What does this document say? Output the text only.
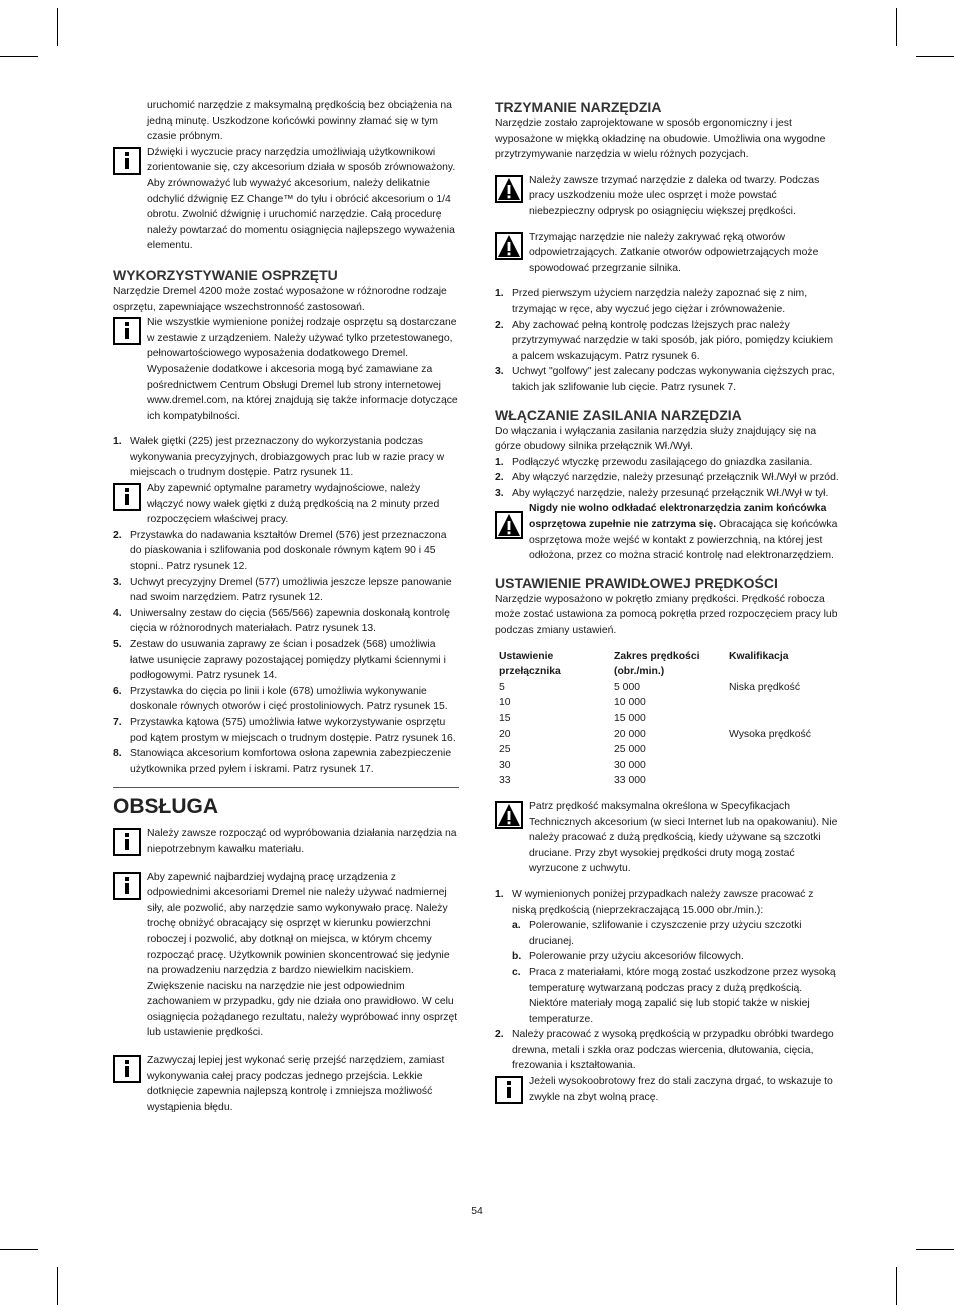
uruchomić narzędzie z maksymalną prędkością bez obciążenia na jedną minutę. Uszkodzone końcówki powinny złamać się w tym czasie próbnym.

Dźwięki i wyczucie pracy narzędzia umożliwiają użytkownikowi zorientowanie się, czy akcesorium działa w sposób zrównoważony. Aby zrównoważyć lub wyważyć akcesorium, należy delikatnie odchylić dźwignię EZ Change™ do tyłu i obrócić akcesorium o 1/4 obrotu. Zwolnić dźwignię i uruchomić narzędzie. Całą procedurę należy powtarzać do momentu osiągnięcia najlepszego wyważenia elementu.

WYKORZYSTYWANIE OSPRZĘTU

Narzędzie Dremel 4200 może zostać wyposażone w różnorodne rodzaje osprzętu, zapewniające wszechstronność zastosowań.

Nie wszystkie wymienione poniżej rodzaje osprzętu są dostarczane w zestawie z urządzeniem. Należy używać tylko przetestowanego, pełnowartościowego wyposażenia dodatkowego Dremel. Wyposażenie dodatkowe i akcesoria mogą być zamawiane za pośrednictwem Centrum Obsługi Dremel lub strony internetowej www.dremel.com, na której znajdują się także informacje dotyczące ich kompatybilności.

1. Wałek giętki (225) jest przeznaczony do wykorzystania podczas wykonywania precyzyjnych, drobiazgowych prac lub w razie pracy w miejscach o trudnym dostępie. Patrz rysunek 11.

Aby zapewnić optymalne parametry wydajnościowe, należy włączyć nowy wałek giętki z dużą prędkością na 2 minuty przed rozpoczęciem właściwej pracy.

2. Przystawka do nadawania kształtów Dremel (576) jest przeznaczona do piaskowania i szlifowania pod doskonale równym kątem 90 i 45 stopni.. Patrz rysunek 12.
3. Uchwyt precyzyjny Dremel (577) umożliwia jeszcze lepsze panowanie nad swoim narzędziem. Patrz rysunek 12.
4. Uniwersalny zestaw do cięcia (565/566) zapewnia doskonałą kontrolę cięcia w różnorodnych materiałach. Patrz rysunek 13.
5. Zestaw do usuwania zaprawy ze ścian i posadzek (568) umożliwia łatwe usunięcie zaprawy pozostającej pomiędzy płytkami ściennymi i podłogowymi. Patrz rysunek 14.
6. Przystawka do cięcia po linii i kole (678) umożliwia wykonywanie doskonale równych otworów i cięć prostoliniowych. Patrz rysunek 15.
7. Przystawka kątowa (575) umożliwia łatwe wykorzystywanie osprzętu pod kątem prostym w miejscach o trudnym dostępie. Patrz rysunek 16.
8. Stanowiąca akcesorium komfortowa osłona zapewnia zabezpieczenie użytkownika przed pyłem i iskrami. Patrz rysunek 17.
OBSŁUGA

Należy zawsze rozpocząć od wypróbowania działania narzędzia na niepotrzebnym kawałku materiału.

Aby zapewnić najbardziej wydajną pracę urządzenia z odpowiednimi akcesoriami Dremel nie należy używać nadmiernej siły, ale pozwolić, aby narzędzie samo wykonywało pracę. Należy trochę obniżyć obracający się osprzęt w kierunku powierzchni roboczej i pozwolić, aby dotknął on miejsca, w którym chcemy rozpocząć pracę. Użytkownik powinien skoncentrować się jedynie na prowadzeniu narzędzia z bardzo niewielkim naciskiem. Zwiększenie nacisku na narzędzie nie jest odpowiednim zachowaniem w przypadku, gdy nie działa ono prawidłowo. W celu osiągnięcia pożądanego rezultatu, należy wypróbować inny osprzęt lub ustawienie prędkości.

Zazwyczaj lepiej jest wykonać serię przejść narzędziem, zamiast wykonywania całej pracy podczas jednego przejścia. Lekkie dotknięcie zapewnia najlepszą kontrolę i zmniejsza możliwość wystąpienia błędu.

TRZYMANIE NARZĘDZIA

Narzędzie zostało zaprojektowane w sposób ergonomiczny i jest wyposażone w miękką okładzinę na obudowie. Umożliwia ona wygodne przytrzymywanie narzędzia w wielu różnych pozycjach.

Należy zawsze trzymać narzędzie z daleka od twarzy. Podczas pracy uszkodzeniu może ulec osprzęt i może powstać niebezpieczny odprysk po osiągnięciu większej prędkości.

Trzymając narzędzie nie należy zakrywać ręką otworów odpowietrzających. Zatkanie otworów odpowietrzających może spowodować przegrzanie silnika.

1. Przed pierwszym użyciem narzędzia należy zapoznać się z nim, trzymając w ręce, aby wyczuć jego ciężar i zrównoważenie.
2. Aby zachować pełną kontrolę podczas lżejszych prac należy przytrzymywać narzędzie w taki sposób, jak pióro, pomiędzy kciukiem a palcem wskazującym. Patrz rysunek 6.
3. Uchwyt "golfowy" jest zalecany podczas wykonywania cięższych prac, takich jak szlifowanie lub cięcie. Patrz rysunek 7.
WŁĄCZANIE ZASILANIA NARZĘDZIA

Do włączania i wyłączania zasilania narzędzia służy znajdujący się na górze obudowy silnika przełącznik Wł./Wył.

1. Podłączyć wtyczkę przewodu zasilającego do gniazdka zasilania.
2. Aby włączyć narzędzie, należy przesunąć przełącznik Wł./Wył w przód.
3. Aby wyłączyć narzędzie, należy przesunąć przełącznik Wł./Wył w tył.

Nigdy nie wolno odkładać elektronarzędzia zanim końcówka osprzętowa zupełnie nie zatrzyma się. Obracająca się końcówka osprzętowa może wejść w kontakt z powierzchnią, na której jest odłożona, przez co można stracić kontrolę nad elektronarzędziem.

USTAWIENIE PRAWIDŁOWEJ PRĘDKOŚCI

Narzędzie wyposażono w pokrętło zmiany prędkości. Prędkość robocza może zostać ustawiona za pomocą pokrętła przed rozpoczęciem pracy lub podczas zmiany ustawień.

Ustawienie przełącznika	Zakres prędkości (obr./min.)	Kwalifikacja
5	5 000	Niska prędkość
10	10 000	
15	15 000	
20	20 000	Wysoka prędkość
25	25 000	
30	30 000	
33	33 000	

Patrz prędkość maksymalna określona w Specyfikacjach Technicznych akcesorium (w sieci Internet lub na opakowaniu). Nie należy pracować z dużą prędkością, kiedy używane są szczotki druciane. Przy zbyt wysokiej prędkości druty mogą zostać wyrzucone z uchwytu.

1. W wymienionych poniżej przypadkach należy zawsze pracować z niską prędkością (nieprzekraczającą 15.000 obr./min.):
a. Polerowanie, szlifowanie i czyszczenie przy użyciu szczotki drucianej.
b. Polerowanie przy użyciu akcesoriów filcowych.
c. Praca z materiałami, które mogą zostać uszkodzone przez wysoką temperaturę wytwarzaną podczas pracy z dużą prędkością. Niektóre materiały mogą zapalić się lub stopić także w niskiej temperaturze.
2. Należy pracować z wysoką prędkością w przypadku obróbki twardego drewna, metali i szkła oraz podczas wiercenia, dłutowania, cięcia, frezowania i kształtowania.

Jeżeli wysokoobrotowy frez do stali zaczyna drgać, to wskazuje to zwykle na zbyt wolną pracę.

54
